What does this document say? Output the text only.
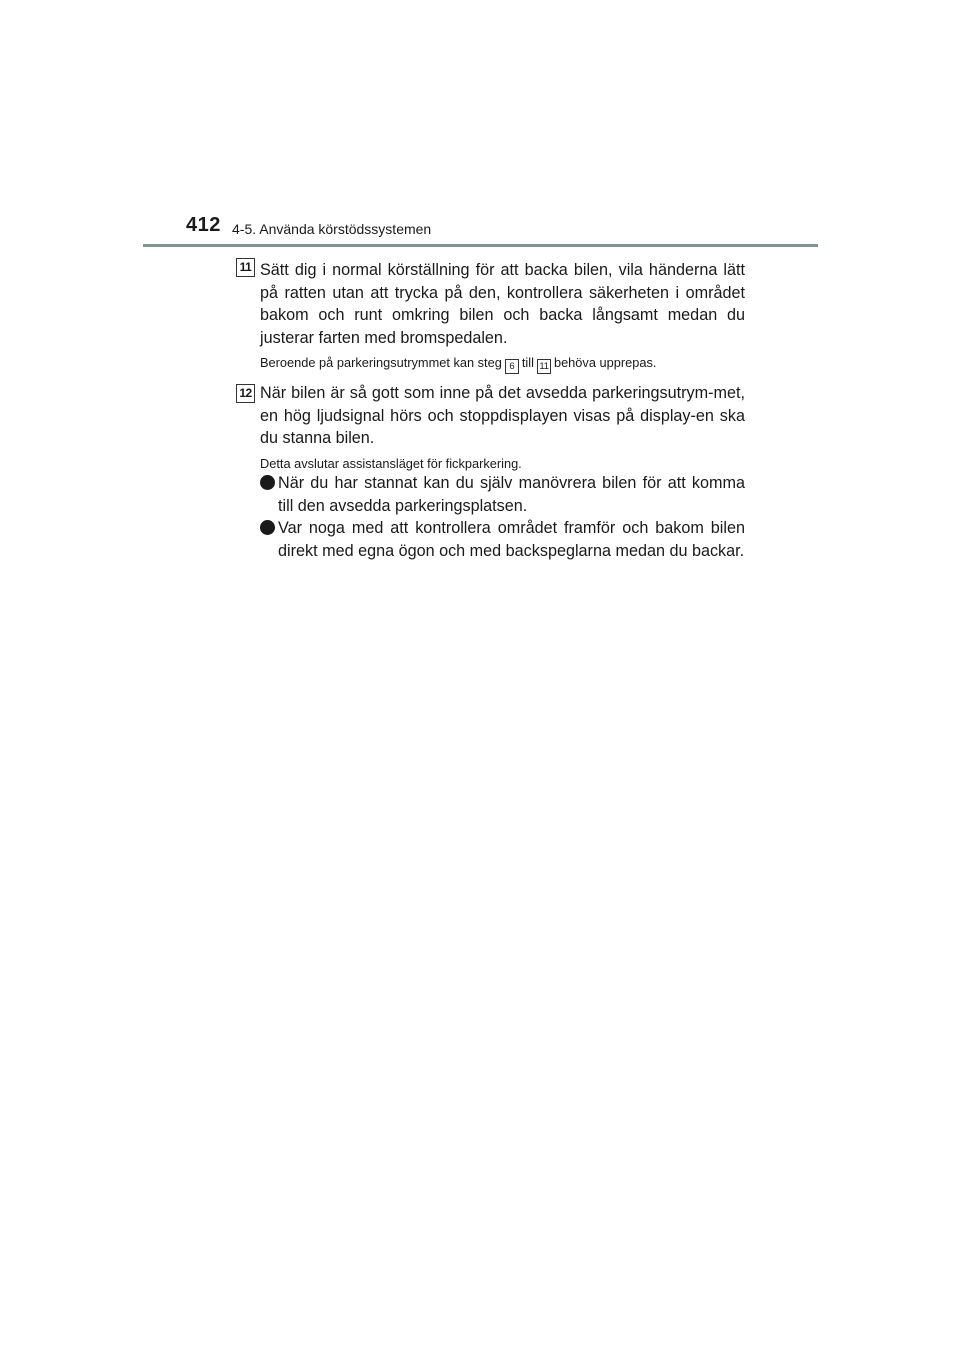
412 4-5. Använda körstödssystemen
11 Sätt dig i normal körställning för att backa bilen, vila händerna lätt på ratten utan att trycka på den, kontrollera säkerheten i området bakom och runt omkring bilen och backa långsamt medan du justerar farten med bromspedalen.
Beroende på parkeringsutrymmet kan steg 6 till 11 behöva upprepas.
12 När bilen är så gott som inne på det avsedda parkeringsutrym-met, en hög ljudsignal hörs och stoppdisplayen visas på display-en ska du stanna bilen.
Detta avslutar assistansläget för fickparkering.
När du har stannat kan du själv manövrera bilen för att komma till den avsedda parkeringsplatsen.
Var noga med att kontrollera området framför och bakom bilen direkt med egna ögon och med backspeglarna medan du backar.
